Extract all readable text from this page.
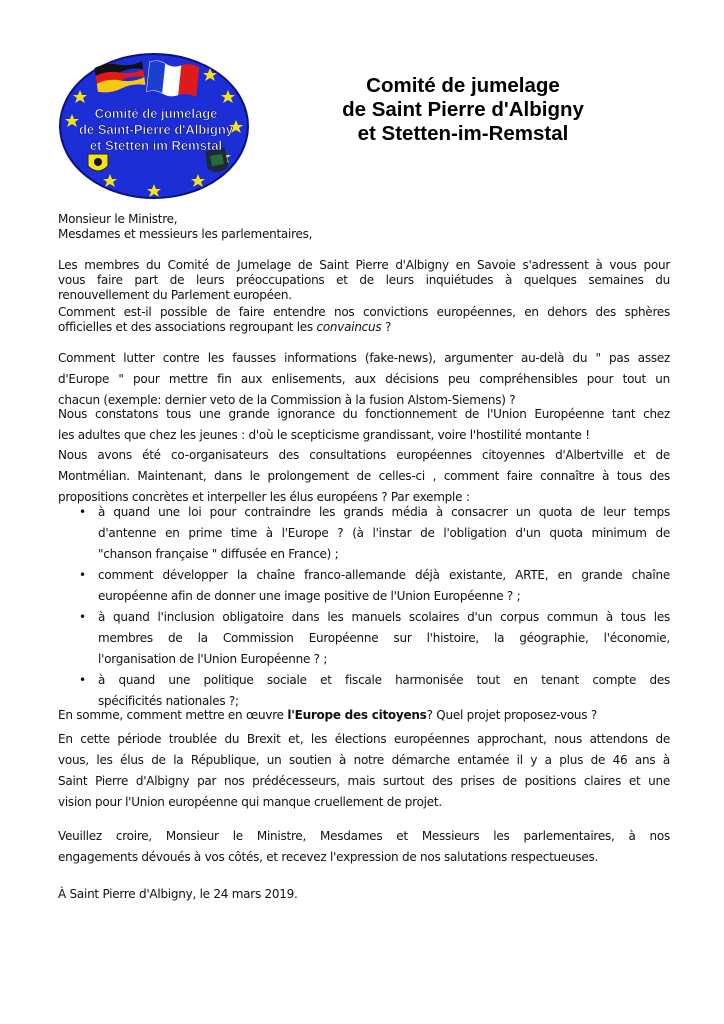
Comité de jumelage
de Saint-Pierre d'Albigny
et Stetten im Remstal
Comité de jumelage
de Saint Pierre d'Albigny
et Stetten-im-Remstal
Monsieur le Ministre,
Mesdames et messieurs les parlementaires,
Les membres du Comité de Jumelage de Saint Pierre d'Albigny en Savoie s'adressent à vous pour
vous faire part de leurs préoccupations et de leurs inquiétudes à quelques semaines du
renouvellement du Parlement européen.
Comment est-il possible de faire entendre nos convictions européennes, en dehors des sphères
officielles et des associations regroupant les convaincus ?
Comment lutter contre les fausses informations (fake-news), argumenter au-delà du " pas assez
d'Europe " pour mettre fin aux enlisements, aux décisions peu compréhensibles pour tout un
chacun (exemple: dernier veto de la Commission à la fusion Alstom-Siemens) ?
Nous constatons tous une grande ignorance du fonctionnement de l'Union Européenne tant chez
les adultes que chez les jeunes : d'où le scepticisme grandissant, voire l'hostilité montante !
Nous avons été co-organisateurs des consultations européennes citoyennes d'Albertville et de
Montmélian. Maintenant, dans le prolongement de celles-ci , comment faire connaître à tous des
propositions concrètes et interpeller les élus européens ? Par exemple :
• à quand une loi pour contraindre les grands média à consacrer un quota de leur temps
d'antenne en prime time à l'Europe ? (à l'instar de l'obligation d'un quota minimum de
"chanson française " diffusée en France) ;
• comment développer la chaîne franco-allemande déjà existante, ARTE, en grande chaîne
européenne afin de donner une image positive de l'Union Européenne ? ;
• à quand l'inclusion obligatoire dans les manuels scolaires d'un corpus commun à tous les
membres de la Commission Européenne sur l'histoire, la géographie, l'économie,
l'organisation de l'Union Européenne ? ;
• à quand une politique sociale et fiscale harmonisée tout en tenant compte des
spécificités nationales ?;
En somme, comment mettre en œuvre l'Europe des citoyens? Quel projet proposez-vous ?
En cette période troublée du Brexit et, les élections européennes approchant, nous attendons de
vous, les élus de la République, un soutien à notre démarche entamée il y a plus de 46 ans à
Saint Pierre d'Albigny par nos prédécesseurs, mais surtout des prises de positions claires et une
vision pour l'Union européenne qui manque cruellement de projet.
Veuillez croire, Monsieur le Ministre, Mesdames et Messieurs les parlementaires, à nos
engagements dévoués à vos côtés, et recevez l'expression de nos salutations respectueuses.
À Saint Pierre d'Albigny, le 24 mars 2019.
